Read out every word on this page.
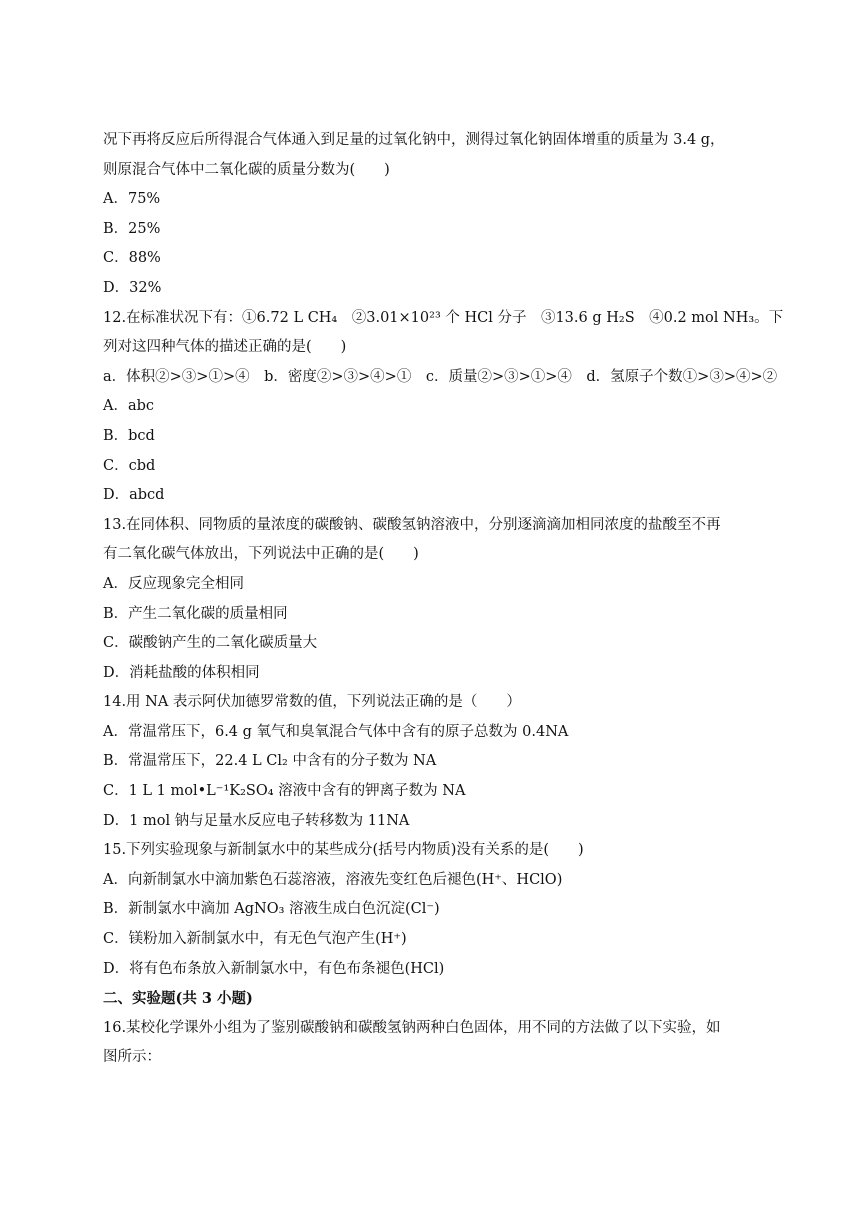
况下再将反应后所得混合气体通入到足量的过氧化钠中，测得过氧化钠固体增重的质量为 3.4 g，
则原混合气体中二氧化碳的质量分数为(　　)
A．75%
B．25%
C．88%
D．32%
12.在标准状况下有：①6.72 L CH₄　②3.01×10²³ 个 HCl 分子　③13.6 g H₂S　④0.2 mol NH₃。下
列对这四种气体的描述正确的是(　　)
a．体积②>③>①>④　b．密度②>③>④>①　c．质量②>③>①>④　d．氢原子个数①>③>④>②
A．abc
B．bcd
C．cbd
D．abcd
13.在同体积、同物质的量浓度的碳酸钠、碳酸氢钠溶液中，分别逐滴滴加相同浓度的盐酸至不再
有二氧化碳气体放出，下列说法中正确的是(　　)
A．反应现象完全相同
B．产生二氧化碳的质量相同
C．碳酸钠产生的二氧化碳质量大
D．消耗盐酸的体积相同
14.用 NA 表示阿伏加德罗常数的值，下列说法正确的是（　　）
A．常温常压下，6.4 g 氧气和臭氧混合气体中含有的原子总数为 0.4NA
B．常温常压下，22.4 L Cl₂ 中含有的分子数为 NA
C．1 L 1 mol•L⁻¹K₂SO₄ 溶液中含有的钾离子数为 NA
D．1 mol 钠与足量水反应电子转移数为 11NA
15.下列实验现象与新制氯水中的某些成分(括号内物质)没有关系的是(　　)
A．向新制氯水中滴加紫色石蕊溶液，溶液先变红色后褪色(H⁺、HClO)
B．新制氯水中滴加 AgNO₃ 溶液生成白色沉淀(Cl⁻)
C．镁粉加入新制氯水中，有无色气泡产生(H⁺)
D．将有色布条放入新制氯水中，有色布条褪色(HCl)
二、实验题(共 3 小题)
16.某校化学课外小组为了鉴别碳酸钠和碳酸氢钠两种白色固体，用不同的方法做了以下实验，如
图所示：
